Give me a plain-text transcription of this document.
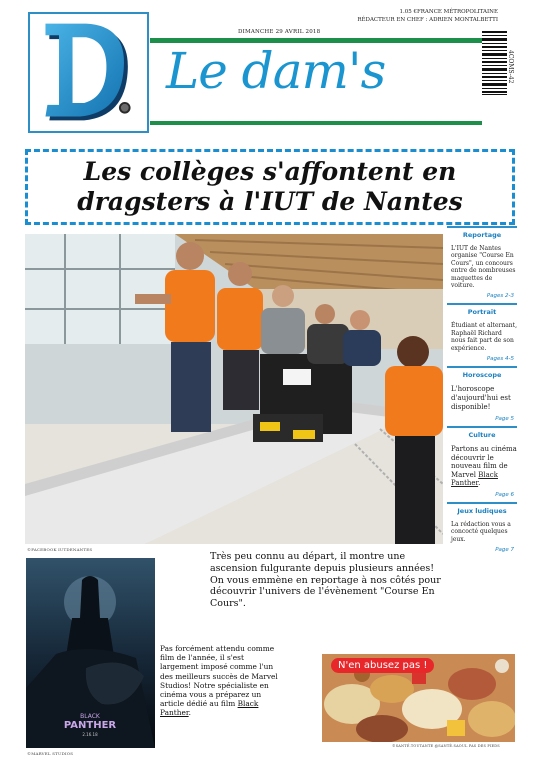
DIMANCHE 29 AVRIL 2018
1.05 €FRANCE MÉTROPOLITAINE
RÉDACTEUR EN CHEF : ADRIEN MONTALBETTI
Le dam's	4COMS-42
Les collèges s'affontent en
dragsters à l'IUT de Nantes
©FACEBOOK IUTDENANTES
Reportage
L'IUT de Nantes organise "Course En Cours", un concours entre de nombreuses maquettes de voiture.
Pages 2-3
Portrait
Étudiant et alternant, Raphaël Richard nous fait part de son expérience.
Pages 4-5
Horoscope
L'horoscope d'aujourd'hui est disponible!
Page 5
Culture
Partons au cinéma découvrir le nouveau film de Marvel Black Panther.
Page 6
Jeux ludiques
La rédaction vous a concocté quelques jeux.
Page 7
Très peu connu au départ, il montre une ascension fulgurante depuis plusieurs années! On vous emmène en reportage à nos côtés pour découvrir l'univers de l'évènement "Course En Cours".
BLACK
PANTHER
2.16.18
©MARVEL STUDIOS
Pas forcément attendu comme film de l'année, il s'est largement imposé comme l'un des meilleurs succès de Marvel Studios! Notre spécialiste en cinéma vous a préparez un article dédié au film Black Panther.
N'en abusez pas !
©SANTÉ.TOUTANTE @SANTÉ.SAOUL PAS DES PIEDS
